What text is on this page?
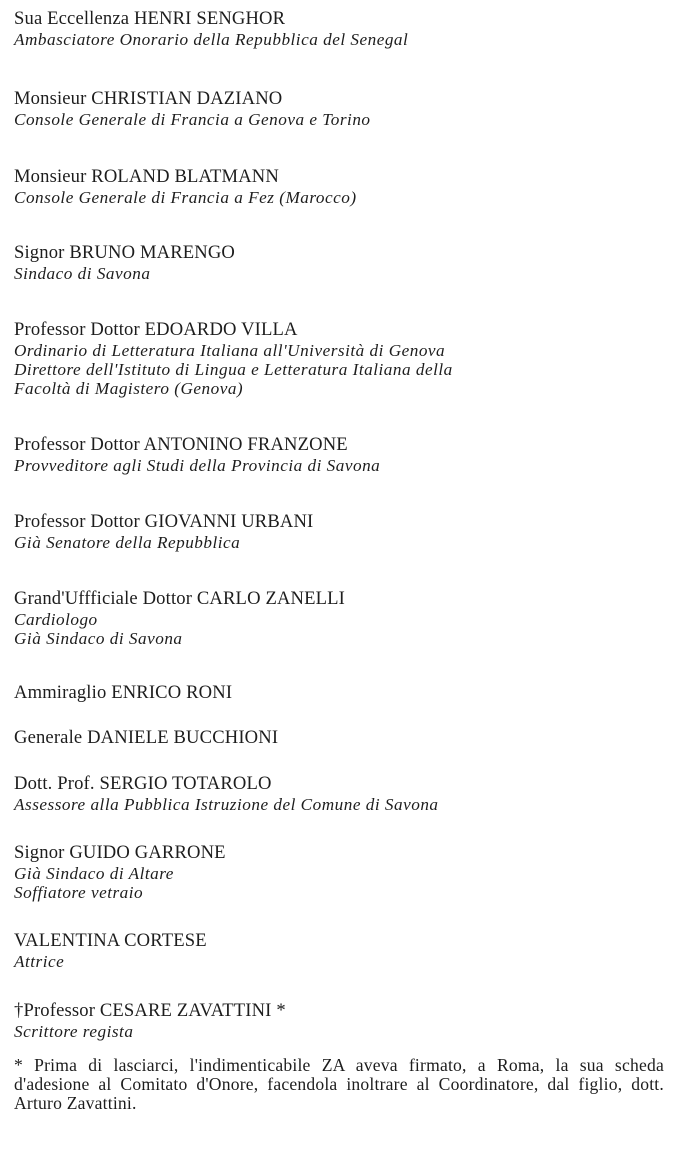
Sua Eccellenza HENRI SENGHOR
Ambasciatore Onorario della Repubblica del Senegal
Monsieur CHRISTIAN DAZIANO
Console Generale di Francia a Genova e Torino
Monsieur ROLAND BLATMANN
Console Generale di Francia a Fez (Marocco)
Signor BRUNO MARENGO
Sindaco di Savona
Professor Dottor EDOARDO VILLA
Ordinario di Letteratura Italiana all'Università di Genova
Direttore dell'Istituto di Lingua e Letteratura Italiana della
Facoltà di Magistero (Genova)
Professor Dottor ANTONINO FRANZONE
Provveditore agli Studi della Provincia di Savona
Professor Dottor GIOVANNI URBANI
Già Senatore della Repubblica
Grand'Uffficiale Dottor CARLO ZANELLI
Cardiologo
Già Sindaco di Savona
Ammiraglio ENRICO RONI
Generale DANIELE BUCCHIONI
Dott. Prof. SERGIO TOTAROLO
Assessore alla Pubblica Istruzione del Comune di Savona
Signor GUIDO GARRONE
Già Sindaco di Altare
Soffiatore vetraio
VALENTINA CORTESE
Attrice
†Professor CESARE ZAVATTINI *
Scrittore regista
* Prima di lasciarci, l'indimenticabile ZA aveva firmato, a Roma, la sua scheda d'adesione al Comitato d'Onore, facendola inoltrare al Coordinatore, dal figlio, dott. Arturo Zavattini.
